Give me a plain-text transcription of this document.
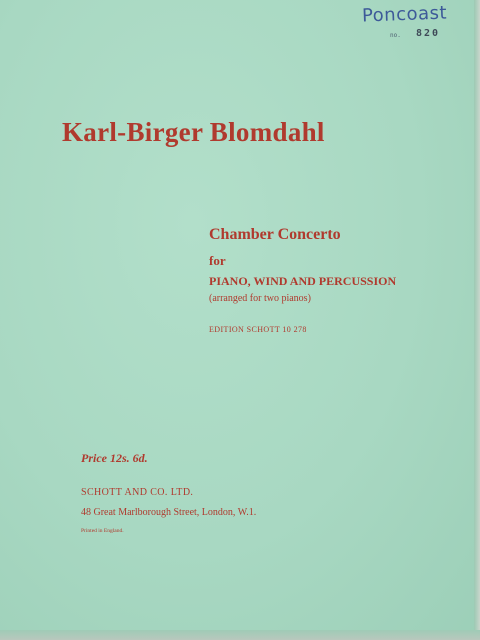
Poncoast
no. 820
Karl-Birger Blomdahl
Chamber Concerto
for
PIANO, WIND AND PERCUSSION
(arranged for two pianos)
EDITION SCHOTT 10 278
Price 12s. 6d.
SCHOTT AND CO. LTD.
48 Great Marlborough Street, London, W.1.
Printed in England.
